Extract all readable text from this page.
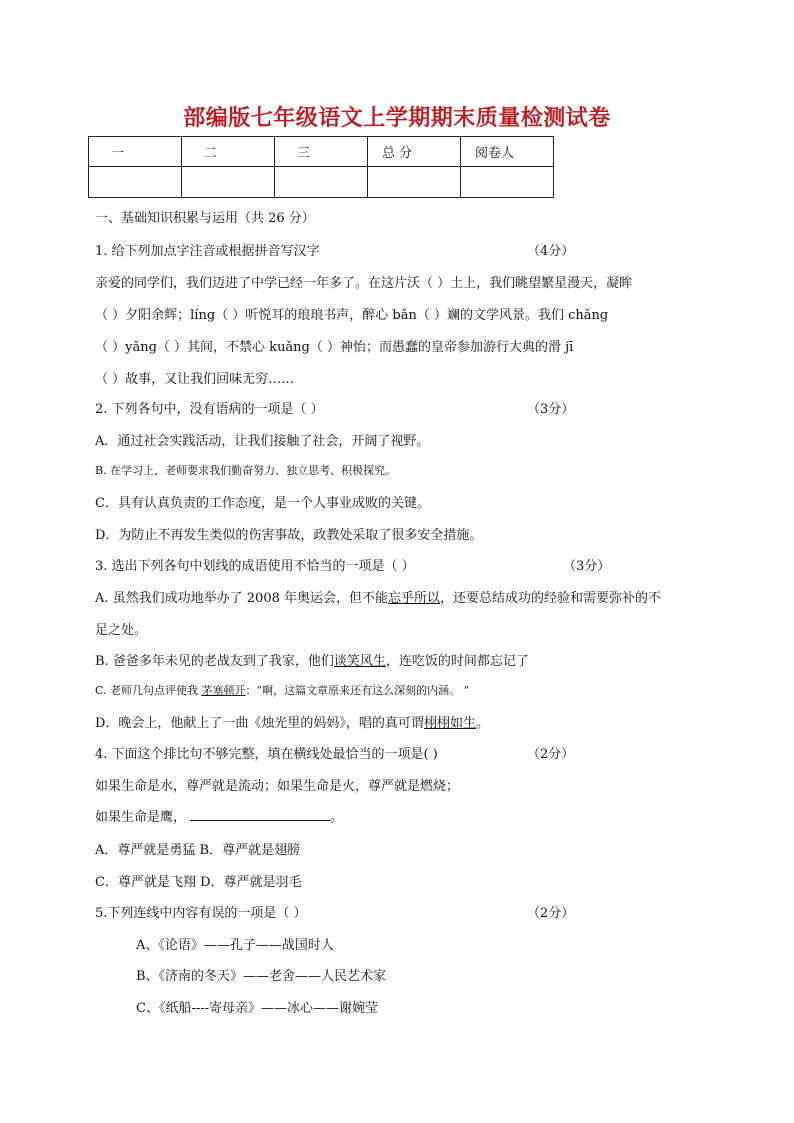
部编版七年级语文上学期期末质量检测试卷
一	二	三	总 分	阅卷人

一、基础知识积累与运用（共 26 分）
1. 给下列加点字注音或根据拼音写汉字	（4分）
亲爱的同学们，我们迈进了中学已经一年多了。在这片沃（ ）土上，我们眺望繁星漫天，凝眸
（ ）夕阳余辉；líng（ ）听悦耳的琅琅书声，醉心 bǎn（ ）斓的文学风景。我们 chǎng
（ ）yǎng（ ）其间，不禁心 kuǎng（ ）神怡；而愚蠢的皇帝参加游行大典的滑 jī
（ ）故事，又让我们回味无穷……
2. 下列各句中，没有语病的一项是（ ）	（3分）
A．通过社会实践活动，让我们接触了社会，开阔了视野。
B. 在学习上，老师要求我们勤奋努力、独立思考、积极探究。
C．具有认真负责的工作态度，是一个人事业成败的关键。
D．为防止不再发生类似的伤害事故，政教处采取了很多安全措施。
3. 选出下列各句中划线的成语使用不恰当的一项是（ ）	（3分）
A. 虽然我们成功地举办了 2008 年奥运会，但不能忘乎所以，还要总结成功的经验和需要弥补的不
足之处。
B. 爸爸多年未见的老战友到了我家，他们谈笑风生，连吃饭的时间都忘记了
C. 老师几句点评使我 茅塞顿开：“啊，这篇文章原来还有这么深刻的内涵。 ”
D．晚会上，他献上了一曲《烛光里的妈妈》，唱的真可谓栩栩如生。
4. 下面这个排比句不够完整，填在横线处最恰当的一项是( )	（2分）
如果生命是水，尊严就是流动；如果生命是火，尊严就是燃烧；
如果生命是鹰，	。
A．尊严就是勇猛 B．尊严就是翅膀
C．尊严就是飞翔 D．尊严就是羽毛
5.下列连线中内容有误的一项是（ ）	（2分）
A、《论语》——孔子——战国时人
B、《济南的冬天》——老舍——人民艺术家
C、《纸船----寄母亲》——冰心——谢婉莹
